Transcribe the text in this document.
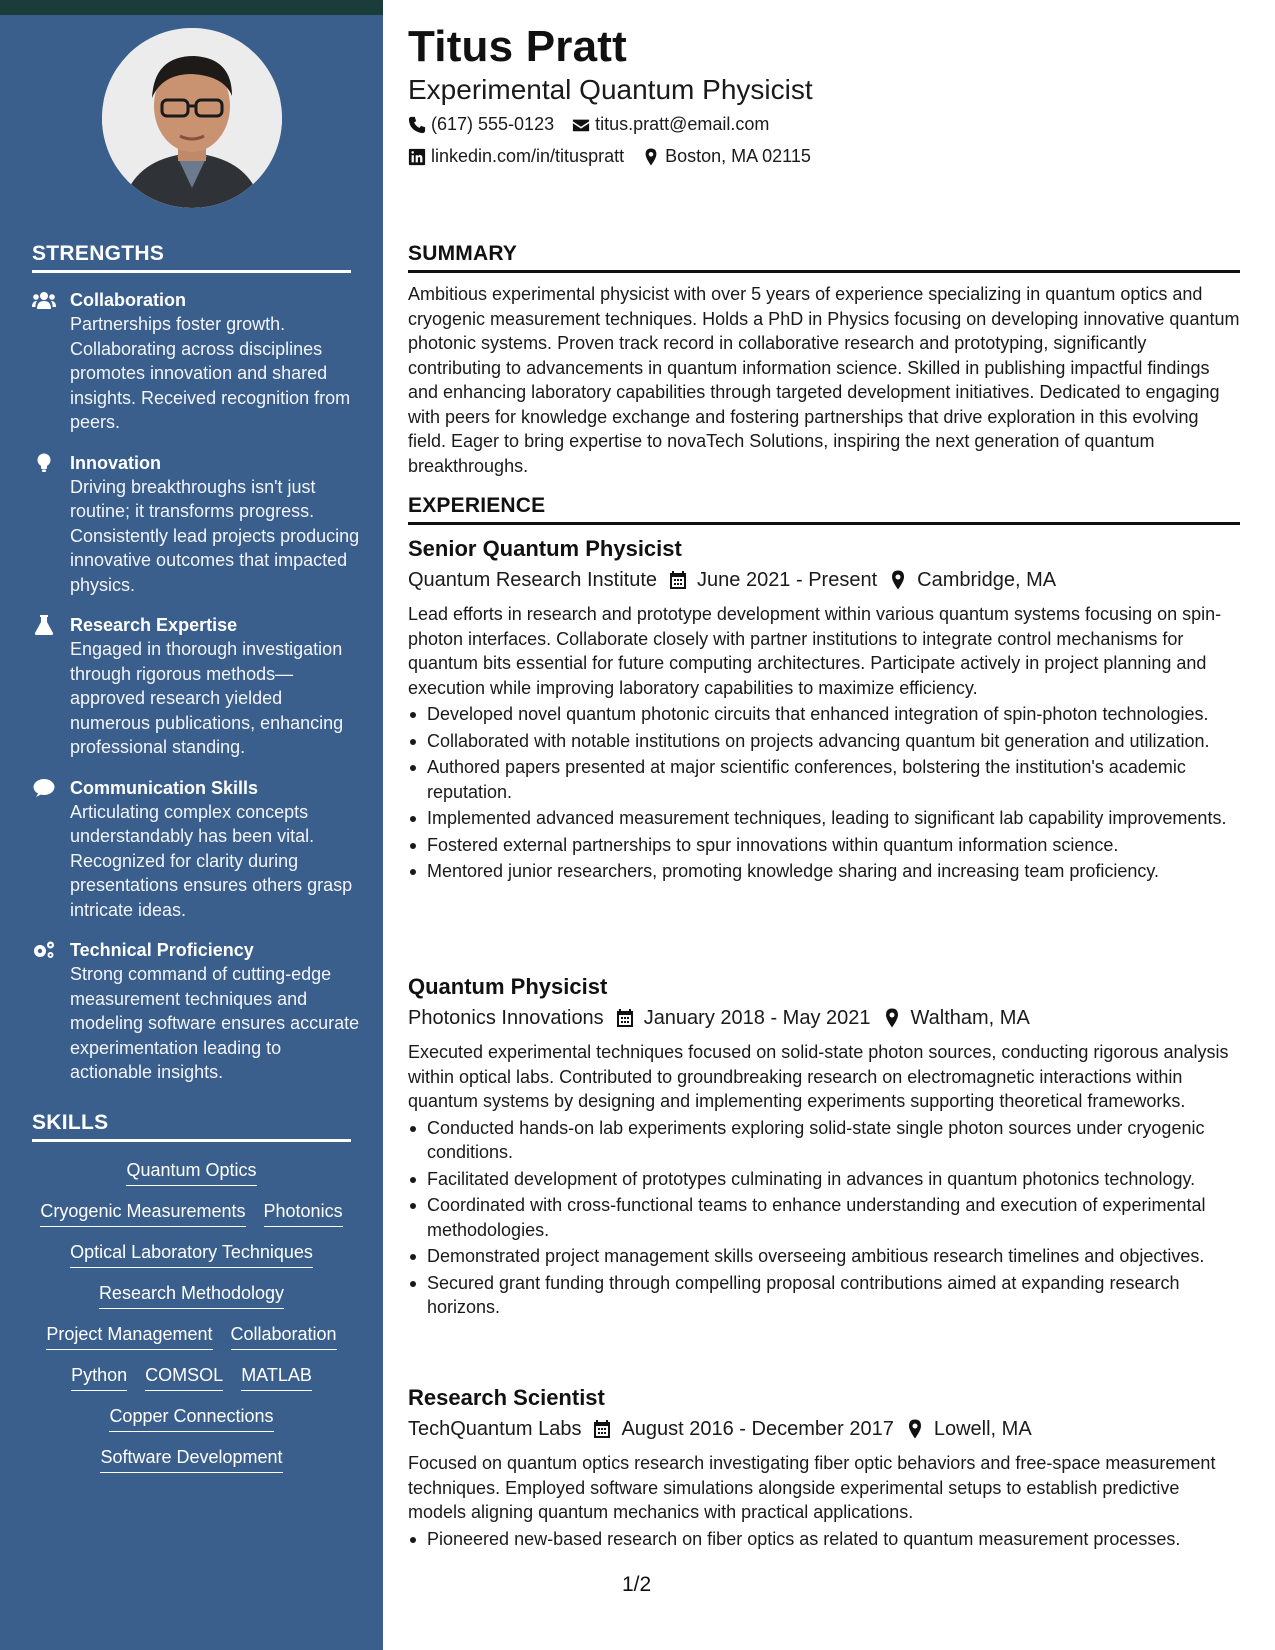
STRENGTHS
Collaboration
Partnerships foster growth. Collaborating across disciplines promotes innovation and shared insights. Received recognition from peers.
Innovation
Driving breakthroughs isn't just routine; it transforms progress. Consistently lead projects producing innovative outcomes that impacted physics.
Research Expertise
Engaged in thorough investigation through rigorous methods—approved research yielded numerous publications, enhancing professional standing.
Communication Skills
Articulating complex concepts understandably has been vital. Recognized for clarity during presentations ensures others grasp intricate ideas.
Technical Proficiency
Strong command of cutting-edge measurement techniques and modeling software ensures accurate experimentation leading to actionable insights.
SKILLS
Quantum Optics
Cryogenic Measurements Photonics
Optical Laboratory Techniques
Research Methodology
Project Management Collaboration
Python COMSOL MATLAB
Copper Connections
Software Development
Titus Pratt
Experimental Quantum Physicist
(617) 555-0123 titus.pratt@email.com
linkedin.com/in/tituspratt Boston, MA 02115
SUMMARY
Ambitious experimental physicist with over 5 years of experience specializing in quantum optics and cryogenic measurement techniques. Holds a PhD in Physics focusing on developing innovative quantum photonic systems. Proven track record in collaborative research and prototyping, significantly contributing to advancements in quantum information science. Skilled in publishing impactful findings and enhancing laboratory capabilities through targeted development initiatives. Dedicated to engaging with peers for knowledge exchange and fostering partnerships that drive exploration in this evolving field. Eager to bring expertise to novaTech Solutions, inspiring the next generation of quantum breakthroughs.
EXPERIENCE
Senior Quantum Physicist
Quantum Research Institute June 2021 - Present Cambridge, MA
Lead efforts in research and prototype development within various quantum systems focusing on spin-photon interfaces. Collaborate closely with partner institutions to integrate control mechanisms for quantum bits essential for future computing architectures. Participate actively in project planning and execution while improving laboratory capabilities to maximize efficiency.
Developed novel quantum photonic circuits that enhanced integration of spin-photon technologies.
Collaborated with notable institutions on projects advancing quantum bit generation and utilization.
Authored papers presented at major scientific conferences, bolstering the institution's academic reputation.
Implemented advanced measurement techniques, leading to significant lab capability improvements.
Fostered external partnerships to spur innovations within quantum information science.
Mentored junior researchers, promoting knowledge sharing and increasing team proficiency.
Quantum Physicist
Photonics Innovations January 2018 - May 2021 Waltham, MA
Executed experimental techniques focused on solid-state photon sources, conducting rigorous analysis within optical labs. Contributed to groundbreaking research on electromagnetic interactions within quantum systems by designing and implementing experiments supporting theoretical frameworks.
Conducted hands-on lab experiments exploring solid-state single photon sources under cryogenic conditions.
Facilitated development of prototypes culminating in advances in quantum photonics technology.
Coordinated with cross-functional teams to enhance understanding and execution of experimental methodologies.
Demonstrated project management skills overseeing ambitious research timelines and objectives.
Secured grant funding through compelling proposal contributions aimed at expanding research horizons.
Research Scientist
TechQuantum Labs August 2016 - December 2017 Lowell, MA
Focused on quantum optics research investigating fiber optic behaviors and free-space measurement techniques. Employed software simulations alongside experimental setups to establish predictive models aligning quantum mechanics with practical applications.
Pioneered new-based research on fiber optics as related to quantum measurement processes.
1/2
